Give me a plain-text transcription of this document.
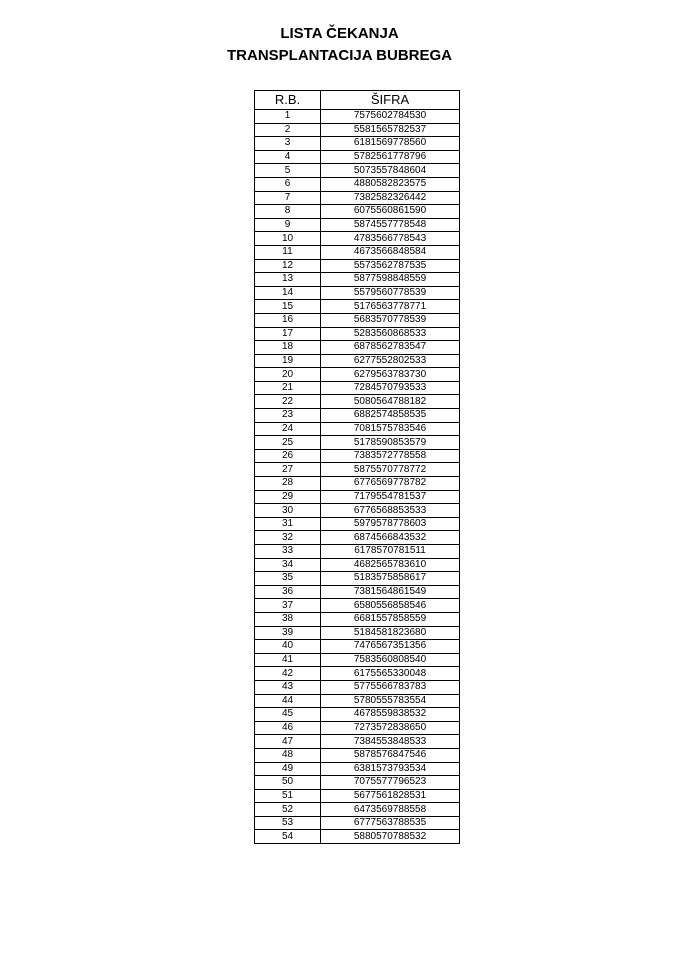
LISTA ČEKANJA
TRANSPLANTACIJA BUBREGA
R.B.	ŠIFRA
1	7575602784530
2	5581565782537
3	6181569778560
4	5782561778796
5	5073557848604
6	4880582823575
7	7382582326442
8	6075560861590
9	5874557778548
10	4783566778543
11	4673566848584
12	5573562787535
13	5877598848559
14	5579560778539
15	5176563778771
16	5683570778539
17	5283560868533
18	6878562783547
19	6277552802533
20	6279563783730
21	7284570793533
22	5080564788182
23	6882574858535
24	7081575783546
25	5178590853579
26	7383572778558
27	5875570778772
28	6776569778782
29	7179554781537
30	6776568853533
31	5979578778603
32	6874566843532
33	6178570781511
34	4682565783610
35	5183575858617
36	7381564861549
37	6580556858546
38	6681557858559
39	5184581823680
40	7476567351356
41	7583560808540
42	6175565330048
43	5775566783783
44	5780555783554
45	4678559838532
46	7273572838650
47	7384553848533
48	5878576847546
49	6381573793534
50	7075577796523
51	5677561828531
52	6473569788558
53	6777563788535
54	5880570788532
